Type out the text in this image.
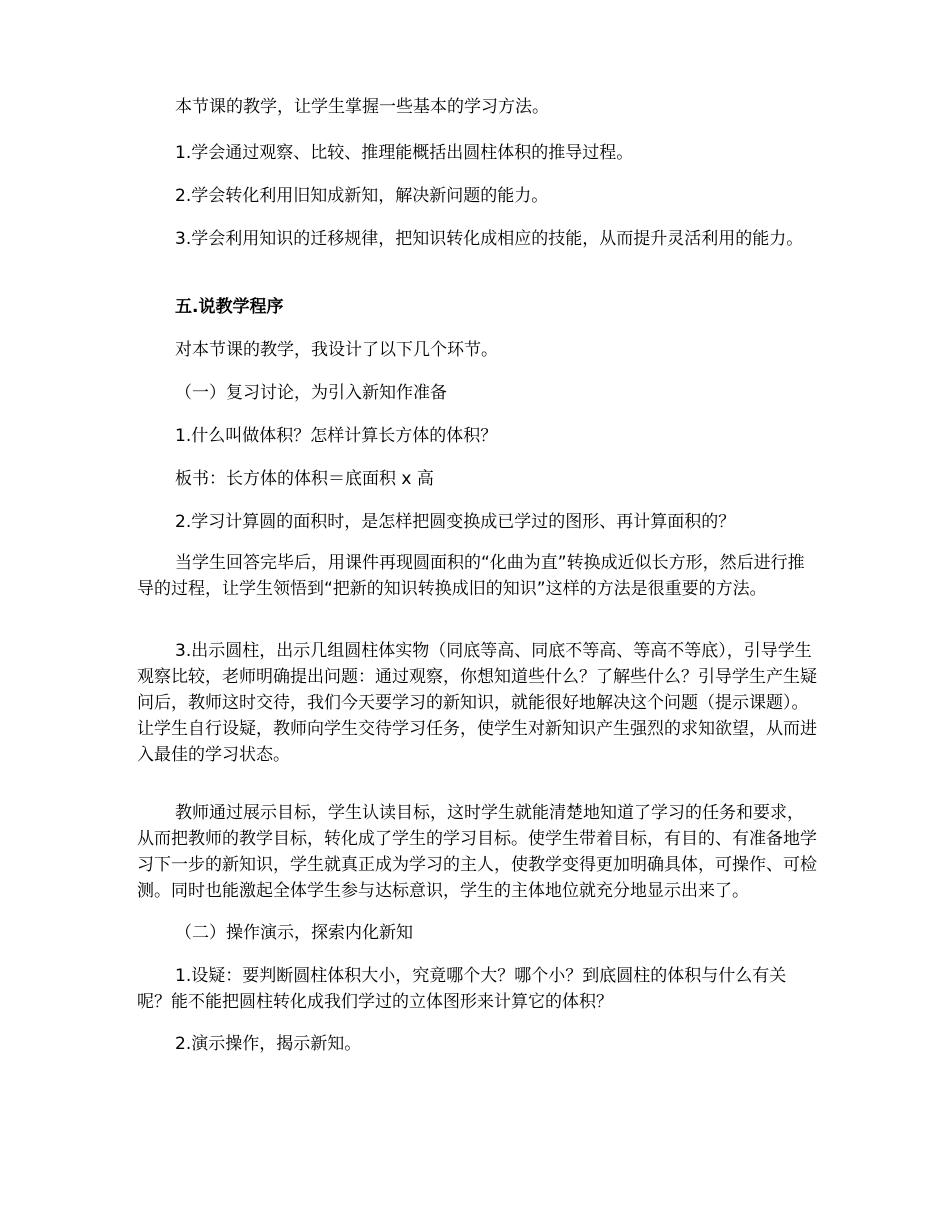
本节课的教学，让学生掌握一些基本的学习方法。

1.学会通过观察、比较、推理能概括出圆柱体积的推导过程。

2.学会转化利用旧知成新知，解决新问题的能力。

3.学会利用知识的迁移规律，把知识转化成相应的技能，从而提升灵活利用的能力。

五.说教学程序

对本节课的教学，我设计了以下几个环节。

（一）复习讨论，为引入新知作准备

1.什么叫做体积？怎样计算长方体的体积？

板书：长方体的体积＝底面积 x 高

2.学习计算圆的面积时，是怎样把圆变换成已学过的图形、再计算面积的？

当学生回答完毕后，用课件再现圆面积的“化曲为直”转换成近似长方形，然后进行推导的过程，让学生领悟到“把新的知识转换成旧的知识”这样的方法是很重要的方法。

3.出示圆柱，出示几组圆柱体实物（同底等高、同底不等高、等高不等底），引导学生观察比较，老师明确提出问题：通过观察，你想知道些什么？了解些什么？引导学生产生疑问后，教师这时交待，我们今天要学习的新知识，就能很好地解决这个问题（提示课题）。让学生自行设疑，教师向学生交待学习任务，使学生对新知识产生强烈的求知欲望，从而进入最佳的学习状态。

教师通过展示目标，学生认读目标，这时学生就能清楚地知道了学习的任务和要求，从而把教师的教学目标，转化成了学生的学习目标。使学生带着目标，有目的、有准备地学习下一步的新知识，学生就真正成为学习的主人，使教学变得更加明确具体，可操作、可检测。同时也能激起全体学生参与达标意识，学生的主体地位就充分地显示出来了。

（二）操作演示，探索内化新知

1.设疑：要判断圆柱体积大小，究竟哪个大？哪个小？到底圆柱的体积与什么有关呢？能不能把圆柱转化成我们学过的立体图形来计算它的体积？

2.演示操作，揭示新知。
